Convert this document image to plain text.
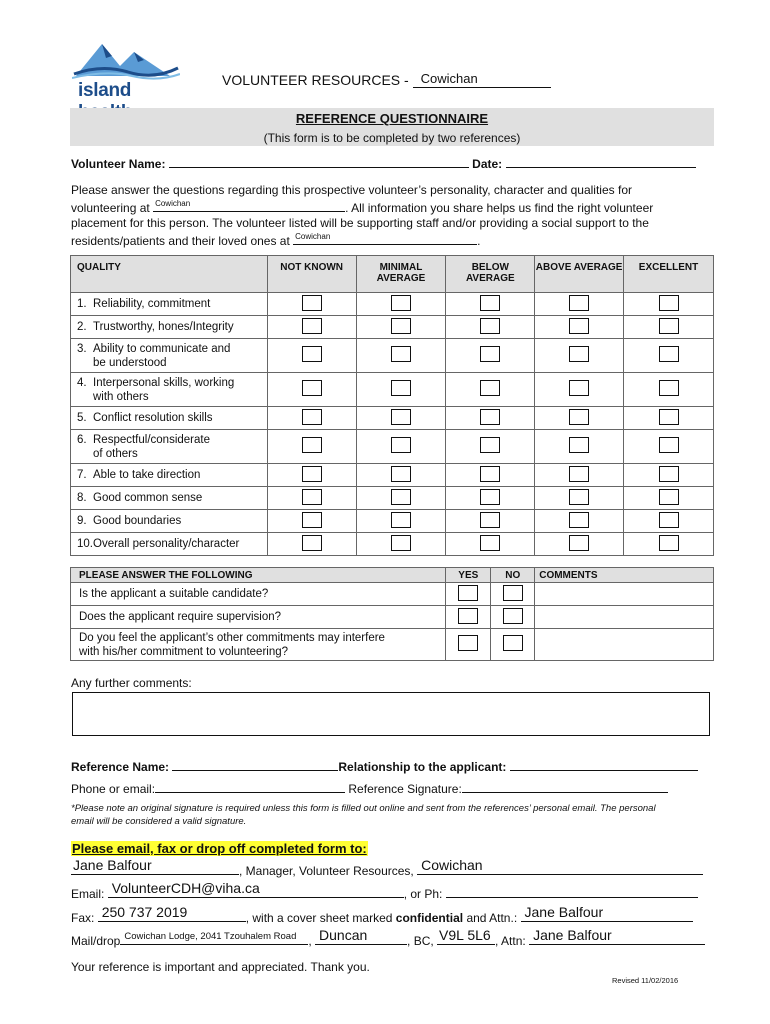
island	VOLUNTEER RESOURCES - Cowichan
REFERENCE QUESTIONNAIRE
(This form is to be completed by two references)
Volunteer Name:	Date:
Please answer the questions regarding this prospective volunteer’s personality, character and qualities for
volunteering at Cowichan	. All information you share helps us find the right volunteer
placement for this person. The volunteer listed will be supporting staff and/or providing a social support to the
residents/patients and their loved ones at Cowichan	.
QUALITY	NOT KNOWN	MINIMAL AVERAGE	BELOW AVERAGE	ABOVE AVERAGE	EXCELLENT
1. Reliability, commitment					
2. Trustworthy, hones/Integrity					
3. Ability to communicate and
be understood					
4. Interpersonal skills, working
with others					
5. Conflict resolution skills					
6. Respectful/considerate
of others					
7. Able to take direction					
8. Good common sense					
9. Good boundaries					
10.Overall personality/character					
PLEASE ANSWER THE FOLLOWING	YES	NO	COMMENTS
Is the applicant a suitable candidate?			
Does the applicant require supervision?			
Do you feel the applicant’s other commitments may interfere
with his/her commitment to volunteering?			
Any further comments:
Reference Name:	Relationship to the applicant:
Phone or email:	Reference Signature:
*Please note an original signature is required unless this form is filled out online and sent from the references’ personal email. The personal
email will be considered a valid signature.
Please email, fax or drop off completed form to:
Jane Balfour	, Manager, Volunteer Resources, Cowichan
Email: VolunteerCDH@viha.ca	, or Ph:
Fax: 250 737 2019	, with a cover sheet marked confidential and Attn.: Jane Balfour
Mail/drop Cowichan Lodge, 2041 Tzouhalem Road , Duncan	, BC, V9L 5L6 , Attn: Jane Balfour
Your reference is important and appreciated. Thank you.
Revised 11/02/2016
